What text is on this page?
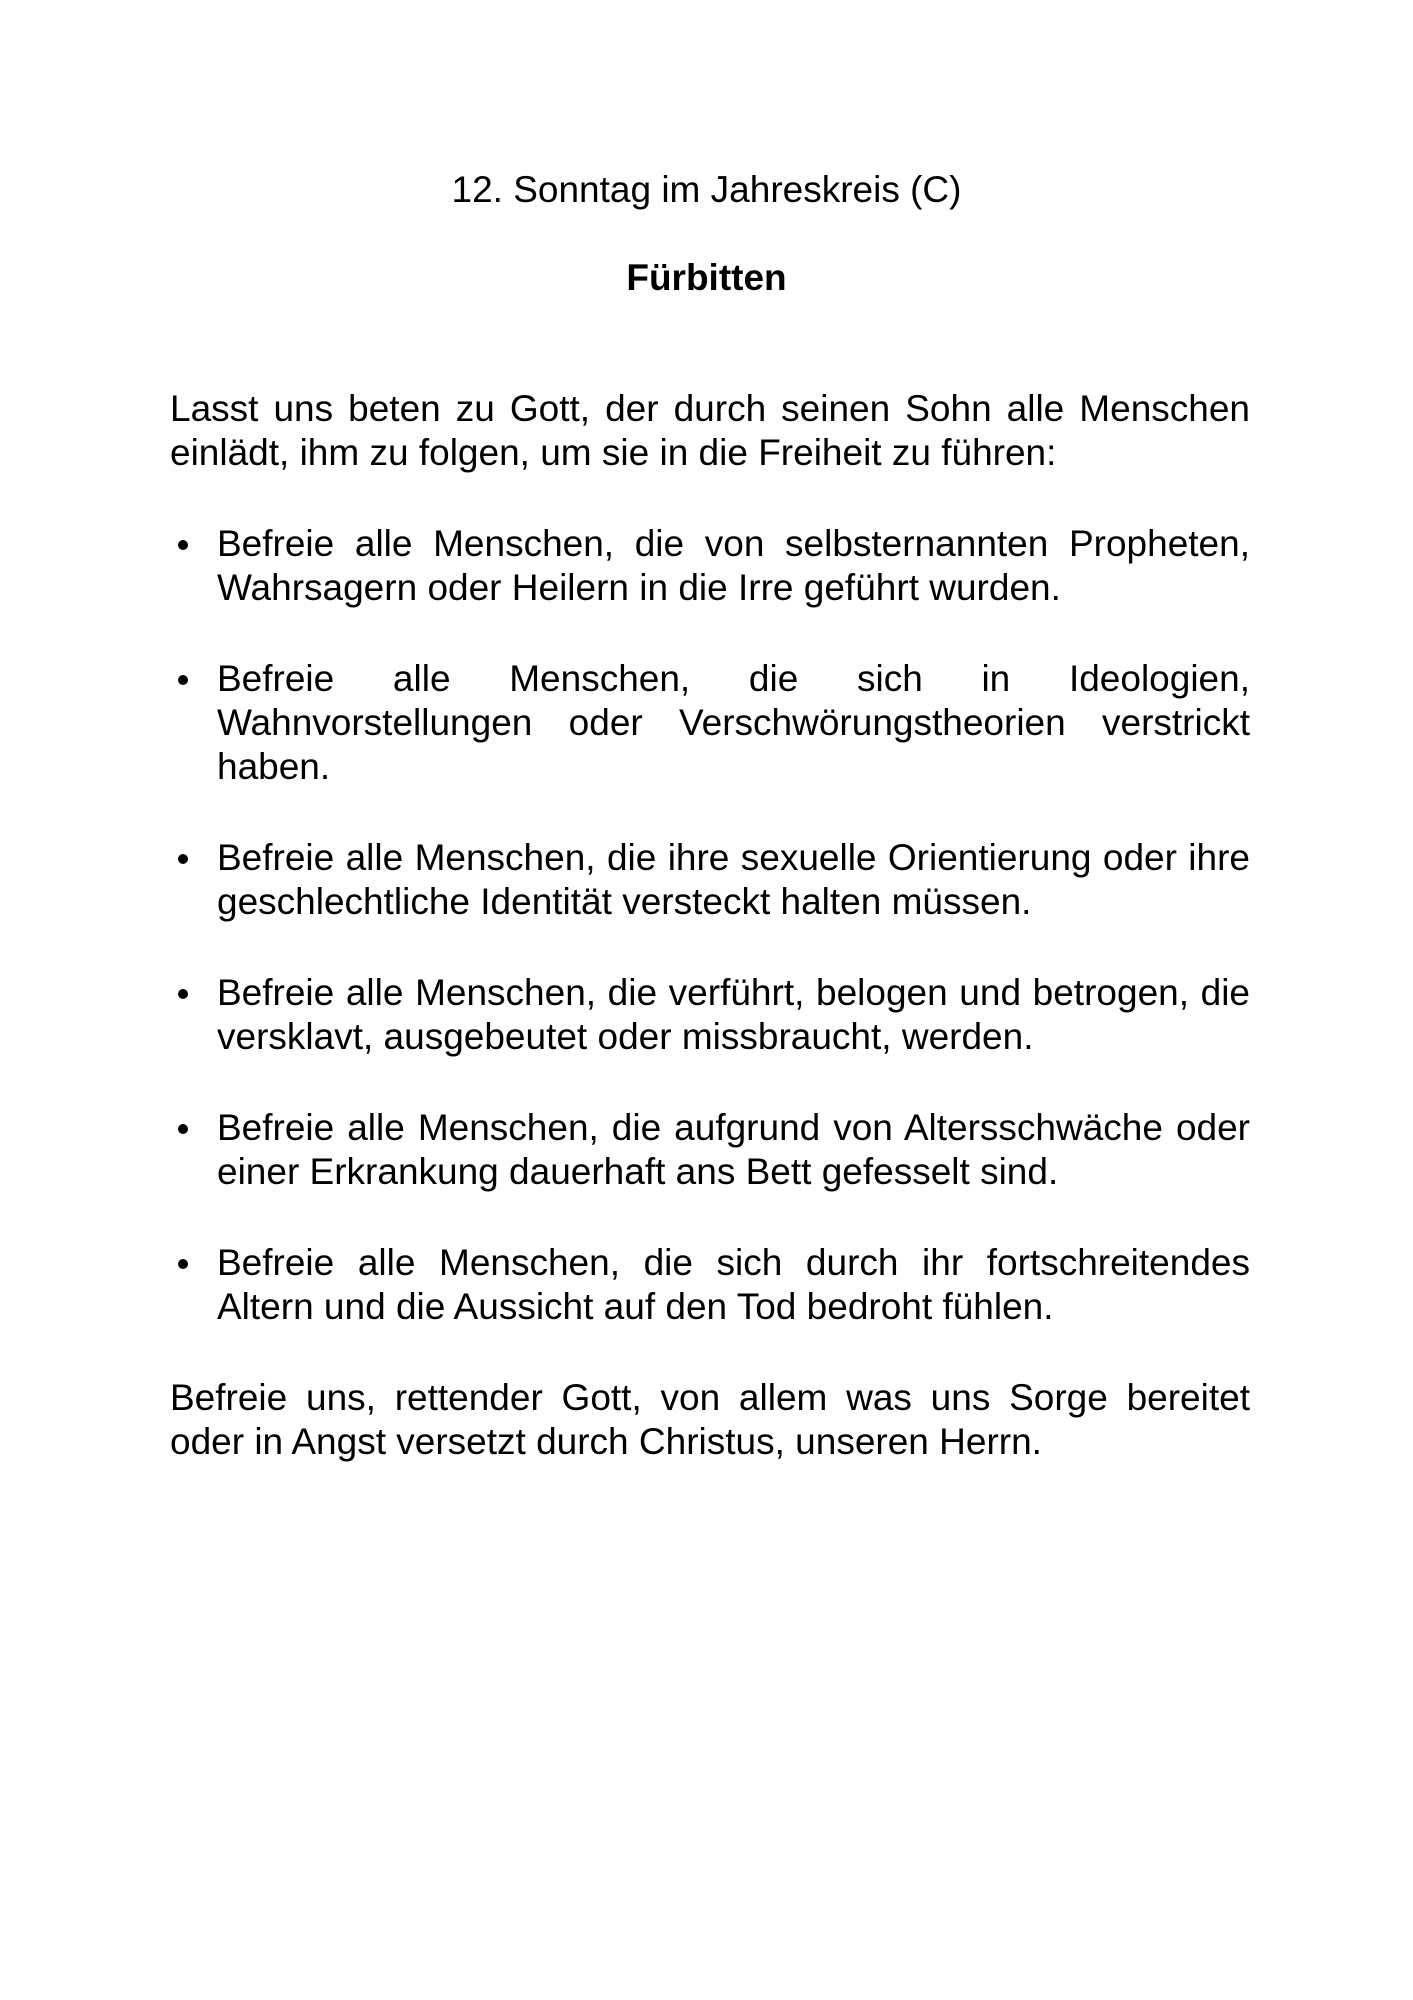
12. Sonntag im Jahreskreis (C)
Fürbitten

Lasst uns beten zu Gott, der durch seinen Sohn alle Menschen einlädt, ihm zu folgen, um sie in die Freiheit zu führen:

Befreie alle Menschen, die von selbsternannten Propheten, Wahrsagern oder Heilern in die Irre geführt wurden.
Befreie alle Menschen, die sich in Ideologien, Wahnvorstellungen oder Verschwörungstheorien verstrickt haben.
Befreie alle Menschen, die ihre sexuelle Orientierung oder ihre geschlechtliche Identität versteckt halten müssen.
Befreie alle Menschen, die verführt, belogen und betrogen, die versklavt, ausgebeutet oder missbraucht, werden.
Befreie alle Menschen, die aufgrund von Altersschwäche oder einer Erkrankung dauerhaft ans Bett gefesselt sind.
Befreie alle Menschen, die sich durch ihr fortschreitendes Altern und die Aussicht auf den Tod bedroht fühlen.

Befreie uns, rettender Gott, von allem was uns Sorge bereitet oder in Angst versetzt durch Christus, unseren Herrn.
